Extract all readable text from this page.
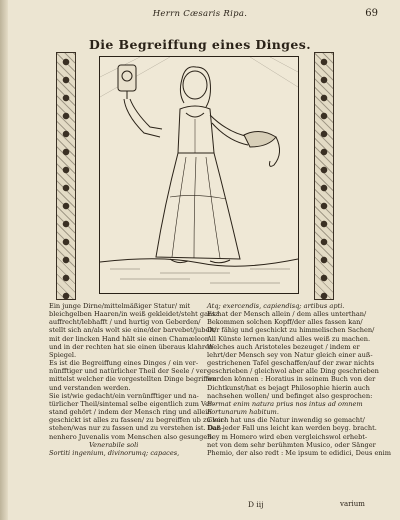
Herrn Cæsaris Ripa.	69
Die Begreiffung eines Dinges.

Ein junge Dirne/mittelmäßiger Statur/ mit

bleichgelben Haaren/in weiß gekleidet/steht gantz

auffrecht/lebhafft / und hurtig von Geberden/

stellt sich an/als wolt sie eine/der barvebet/jubelt/

mit der lincken Hand hält sie einen Chamæleon

und in der rechten hat sie einen überaus klahren

Spiegel.

Es ist die Begreiffung eines Dinges / ein ver-

nünfftiger und natürlicher Theil der Seele / ver-

mittelst welcher die vorgestellten Dinge begriffen

und verstanden werden.

Sie ist/wie gedacht/ein vernünfftiger und na-

türlicher Theil/sintemal selbe eigentlich zum Ver-

stand gehört / indem der Mensch ring und allein

geschickt ist alles zu fassen/ zu begreiffen ub zu ver-

stehen/was nur zu fassen und zu verstehen ist. Dan-

nenhero Juvenalis vom Menschen also gesungen:

Venerabile soli

Sortiti ingenium, divinorumq; capaces,

Atq; exercendis, capiendisq; artibus apti.

Es hat der Mensch allein / dem alles unterthan/

Bekommen solchen Kopff/der alles fassen kan/

Der fähig und geschickt zu himmelischen Sachen/

All Künste lernen kan/und alles weiß zu machen.

Welches auch Aristoteles bezeuget / indem er

lehrt/der Mensch sey von Natur gleich einer auß-

gestrichenen Tafel geschaffen/auf der zwar nichts

geschrieben / gleichwol aber alle Ding geschrieben

werden können : Horatius in seinem Buch von der

Dichtkunst/hat es bejagt Philosophie hierin auch

nachsehen wollen/ und befinget also gesprochen:

Format enim natura prius nos intus ad omnem

Fortunarum habitum.

Gleich hat uns die Natur inwendig so gemacht/

Daß jeder Fall uns leicht kan werden beyg. bracht.

Bey m Homero wird eben vergleichswol erhebt-

net von dem sehr berühmten Musico, oder Sänger

Phemio, der also redt : Me ipsum te edidici, Deus enim

D iij	varium
